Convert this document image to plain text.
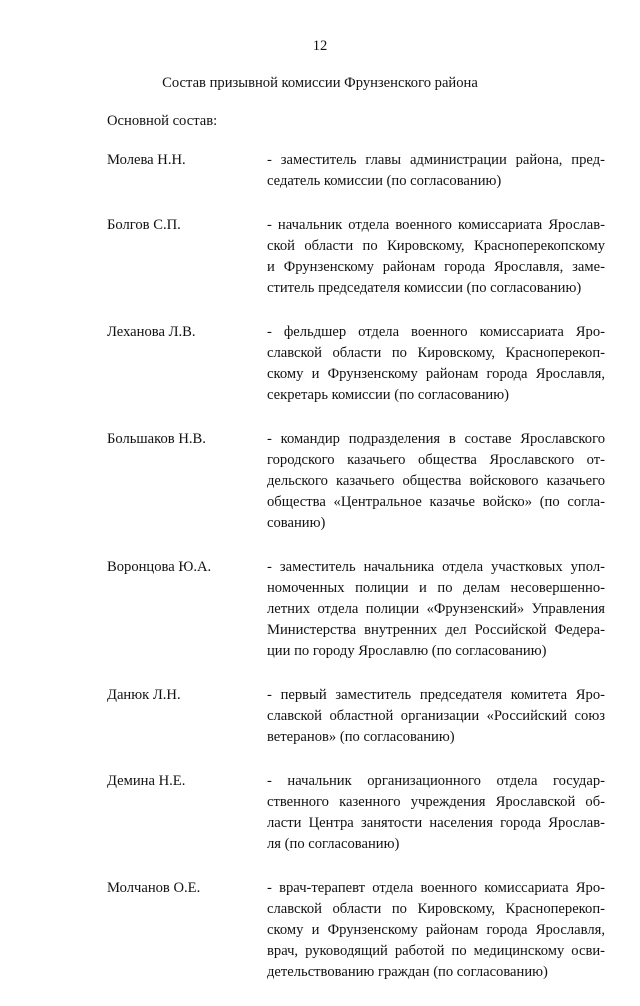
12
Состав призывной комиссии Фрунзенского района
Основной состав:
Молева Н.Н.	- заместитель главы администрации района, пред-
седатель комиссии (по согласованию)
Болгов С.П.	- начальник отдела военного комиссариата Ярослав-
ской области по Кировскому, Красноперекопскому
и Фрунзенскому районам города Ярославля, заме-
ститель председателя комиссии (по согласованию)
Леханова Л.В.	- фельдшер отдела военного комиссариата Яро-
славской области по Кировскому, Красноперекоп-
скому и Фрунзенскому районам города Ярославля,
секретарь комиссии (по согласованию)
Большаков Н.В.	- командир подразделения в составе Ярославского
городского казачьего общества Ярославского от-
дельского казачьего общества войскового казачьего
общества «Центральное казачье войско» (по согла-
сованию)
Воронцова Ю.А.	- заместитель начальника отдела участковых упол-
номоченных полиции и по делам несовершенно-
летних отдела полиции «Фрунзенский» Управления
Министерства внутренних дел Российской Федера-
ции по городу Ярославлю (по согласованию)
Данюк Л.Н.	- первый заместитель председателя комитета Яро-
славской областной организации «Российский союз
ветеранов» (по согласованию)
Демина Н.Е.	- начальник организационного отдела государ-
ственного казенного учреждения Ярославской об-
ласти Центра занятости населения города Ярослав-
ля (по согласованию)
Молчанов О.Е.	- врач-терапевт отдела военного комиссариата Яро-
славской области по Кировскому, Красноперекоп-
скому и Фрунзенскому районам города Ярославля,
врач, руководящий работой по медицинскому осви-
детельствованию граждан (по согласованию)
